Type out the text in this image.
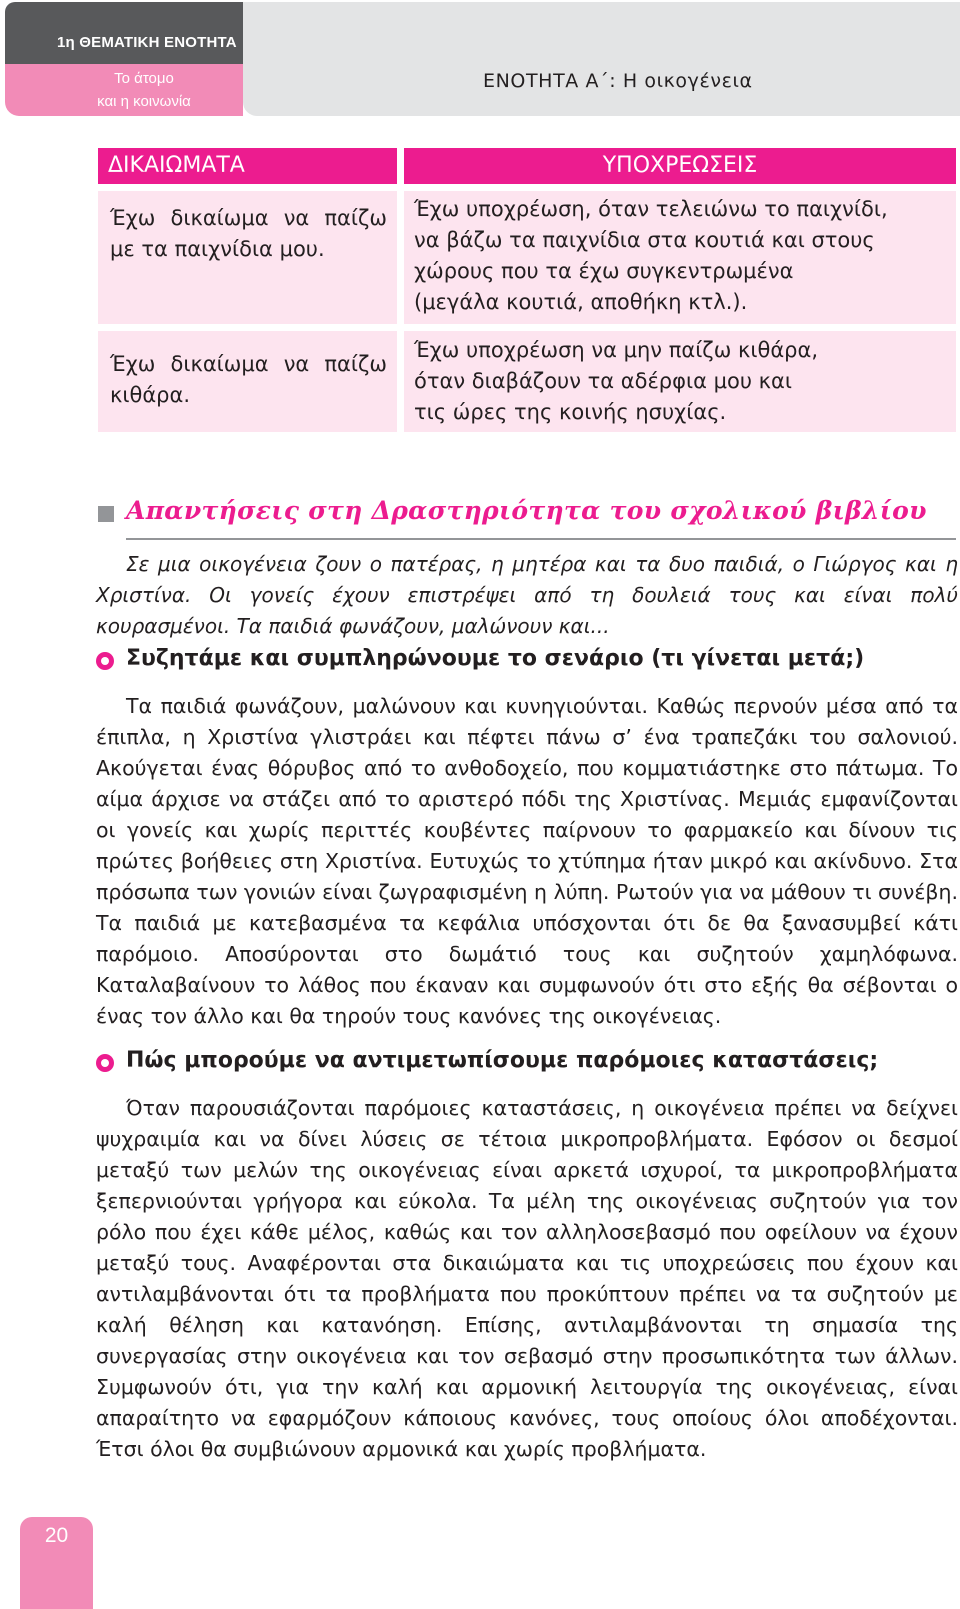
1η ΘΕΜΑΤΙΚΗ ΕΝΟΤΗΤΑ
Το άτομο
και η κοινωνία
ΕΝΟΤΗΤΑ Α΄: Η οικογένεια
ΔΙΚΑΙΩΜΑΤΑ	ΥΠΟΧΡΕΩΣΕΙΣ
Έχω δικαίωμα να παίζω
με τα παιχνίδια μου.
Έχω υποχρέωση, όταν τελειώνω το παιχνίδι,
να βάζω τα παιχνίδια στα κουτιά και στους
χώρους που τα έχω συγκεντρωμένα
(μεγάλα κουτιά, αποθήκη κτλ.).
Έχω δικαίωμα να παίζω
κιθάρα.
Έχω υποχρέωση να μην παίζω κιθάρα,
όταν διαβάζουν τα αδέρφια μου και
τις ώρες της κοινής ησυχίας.
Απαντήσεις στη Δραστηριότητα του σχολικού βιβλίου

Σε μια οικογένεια ζουν ο πατέρας, η μητέρα και τα δυο παιδιά, ο Γιώργος και η Χριστίνα. Οι γονείς έχουν επιστρέψει από τη δουλειά τους και είναι πολύ κουρασμένοι. Τα παιδιά φωνάζουν, μαλώνουν και...

Συζητάμε και συμπληρώνουμε το σενάριο (τι γίνεται μετά;)

Τα παιδιά φωνάζουν, μαλώνουν και κυνηγιούνται. Καθώς περνούν μέσα από τα έπιπλα, η Χριστίνα γλιστράει και πέφτει πάνω σ’ ένα τραπεζάκι του σαλονιού. Ακούγεται ένας θόρυβος από το ανθοδοχείο, που κομματιάστηκε στο πάτωμα. Το αίμα άρχισε να στάζει από το αριστερό πόδι της Χριστίνας. Μεμιάς εμφανίζονται οι γονείς και χωρίς περιττές κουβέντες παίρνουν το φαρμακείο και δίνουν τις πρώτες βοήθειες στη Χριστίνα. Ευτυχώς το χτύπημα ήταν μικρό και ακίνδυνο. Στα πρόσωπα των γονιών είναι ζωγραφισμένη η λύπη. Ρωτούν για να μάθουν τι συνέβη. Τα παιδιά με κατεβασμένα τα κεφάλια υπόσχονται ότι δε θα ξανασυμβεί κάτι παρόμοιο. Αποσύρονται στο δωμάτιό τους και συζητούν χαμηλόφωνα. Καταλαβαίνουν το λάθος που έκαναν και συμφωνούν ότι στο εξής θα σέβονται ο ένας τον άλλο και θα τηρούν τους κανόνες της οικογένειας.

Πώς μπορούμε να αντιμετωπίσουμε παρόμοιες καταστάσεις;

Όταν παρουσιάζονται παρόμοιες καταστάσεις, η οικογένεια πρέπει να δείχνει ψυχραιμία και να δίνει λύσεις σε τέτοια μικροπροβλήματα. Εφόσον οι δεσμοί μεταξύ των μελών της οικογένειας είναι αρκετά ισχυροί, τα μικροπροβλήματα ξεπερνιούνται γρήγορα και εύκολα. Τα μέλη της οικογένειας συζητούν για τον ρόλο που έχει κάθε μέλος, καθώς και τον αλληλοσεβασμό που οφείλουν να έχουν μεταξύ τους. Αναφέρονται στα δικαιώματα και τις υποχρεώσεις που έχουν και αντιλαμβάνονται ότι τα προβλήματα που προκύπτουν πρέπει να τα συζητούν με καλή θέληση και κατανόηση. Επίσης, αντιλαμβάνονται τη σημασία της συνεργασίας στην οικογένεια και τον σεβασμό στην προσωπικότητα των άλλων. Συμφωνούν ότι, για την καλή και αρμονική λειτουργία της οικογένειας, είναι απαραίτητο να εφαρμόζουν κάποιους κανόνες, τους οποίους όλοι αποδέχονται. Έτσι όλοι θα συμβιώνουν αρμονικά και χωρίς προβλήματα.

20
